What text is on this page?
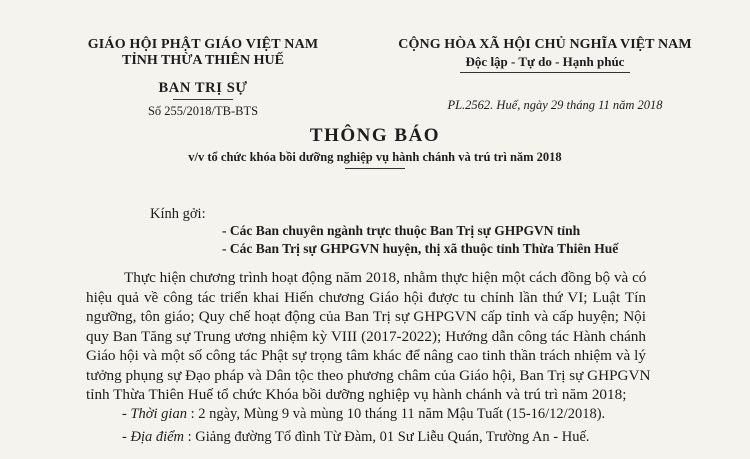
GIÁO HỘI PHẬT GIÁO VIỆT NAM
TỈNH THỪA THIÊN HUẾ
BAN TRỊ SỰ
Số 255/2018/TB-BTS
CỘNG HÒA XÃ HỘI CHỦ NGHĨA VIỆT NAM
Độc lập - Tự do - Hạnh phúc
PL.2562. Huế, ngày 29 tháng 11 năm 2018
THÔNG BÁO
v/v tổ chức khóa bồi dưỡng nghiệp vụ hành chánh và trú trì năm 2018
Kính gởi:
- Các Ban chuyên ngành trực thuộc Ban Trị sự GHPGVN tỉnh
- Các Ban Trị sự GHPGVN huyện, thị xã thuộc tỉnh Thừa Thiên Huế
Thực hiện chương trình hoạt động năm 2018, nhằm thực hiện một cách đồng bộ và có
hiệu quả về công tác triển khai Hiến chương Giáo hội được tu chỉnh lần thứ VI; Luật Tín
ngưỡng, tôn giáo; Quy chế hoạt động của Ban Trị sự GHPGVN cấp tỉnh và cấp huyện; Nội
quy Ban Tăng sự Trung ương nhiệm kỳ VIII (2017-2022); Hướng dẫn công tác Hành chánh
Giáo hội và một số công tác Phật sự trọng tâm khác để nâng cao tinh thần trách nhiệm và lý
tưởng phụng sự Đạo pháp và Dân tộc theo phương châm của Giáo hội, Ban Trị sự GHPGVN
tỉnh Thừa Thiên Huế tổ chức Khóa bồi dưỡng nghiệp vụ hành chánh và trú trì năm 2018;
- Thời gian : 2 ngày, Mùng 9 và mùng 10 tháng 11 năm Mậu Tuất (15-16/12/2018).
- Địa điểm : Giảng đường Tổ đình Từ Đàm, 01 Sư Liễu Quán, Trường An - Huế.
